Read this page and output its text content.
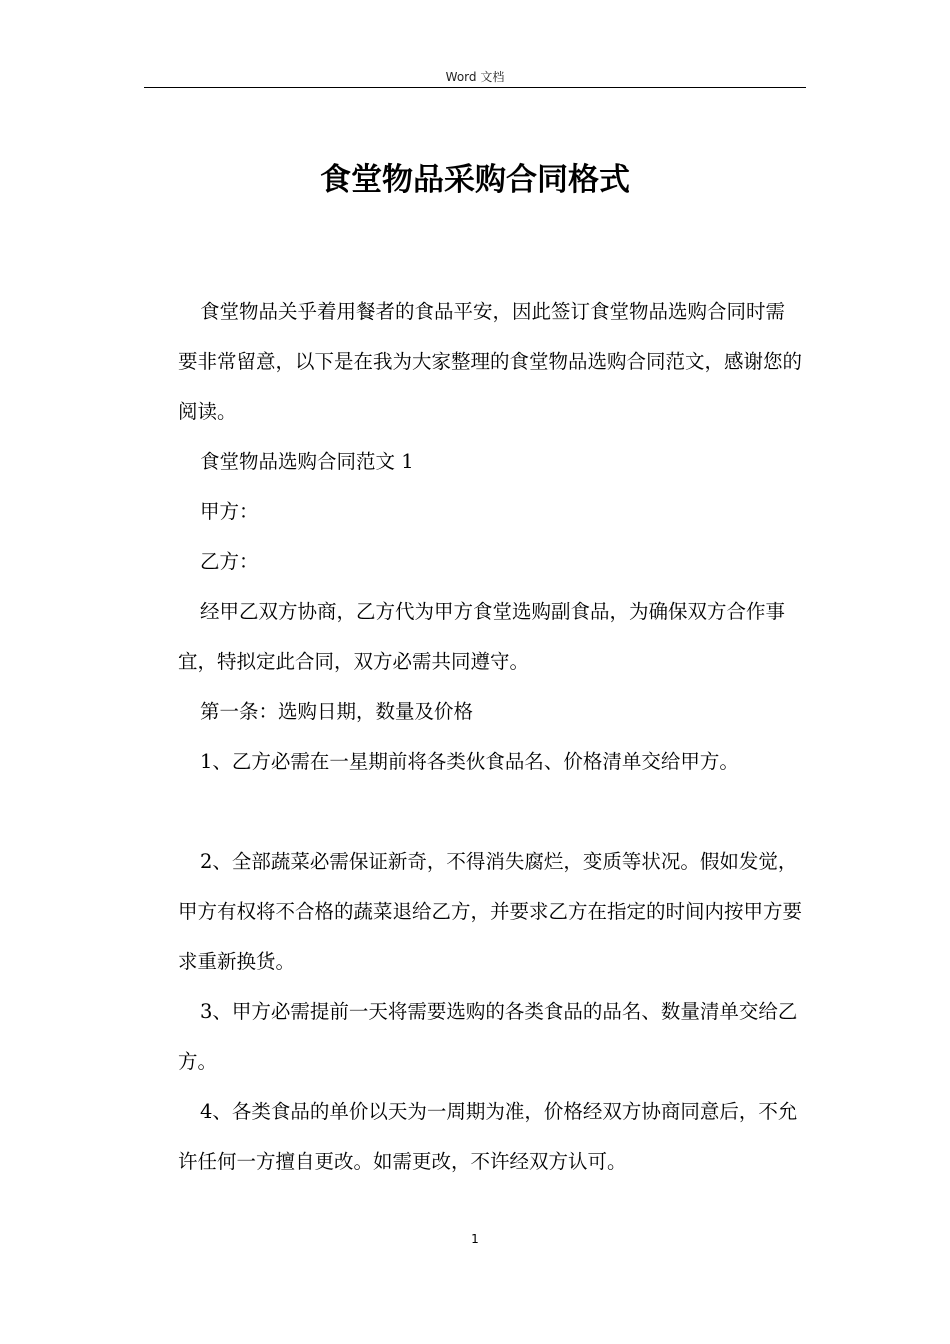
Word 文档
食堂物品采购合同格式

食堂物品关乎着用餐者的食品平安，因此签订食堂物品选购合同时需要非常留意，以下是在我为大家整理的食堂物品选购合同范文，感谢您的阅读。

食堂物品选购合同范文 1

甲方：

乙方：

经甲乙双方协商，乙方代为甲方食堂选购副食品，为确保双方合作事宜，特拟定此合同，双方必需共同遵守。

第一条：选购日期，数量及价格

1、乙方必需在一星期前将各类伙食品名、价格清单交给甲方。

2、全部蔬菜必需保证新奇，不得消失腐烂，变质等状况。假如发觉，甲方有权将不合格的蔬菜退给乙方，并要求乙方在指定的时间内按甲方要求重新换货。

3、甲方必需提前一天将需要选购的各类食品的品名、数量清单交给乙方。

4、各类食品的单价以天为一周期为准，价格经双方协商同意后，不允许任何一方擅自更改。如需更改，不许经双方认可。

1
